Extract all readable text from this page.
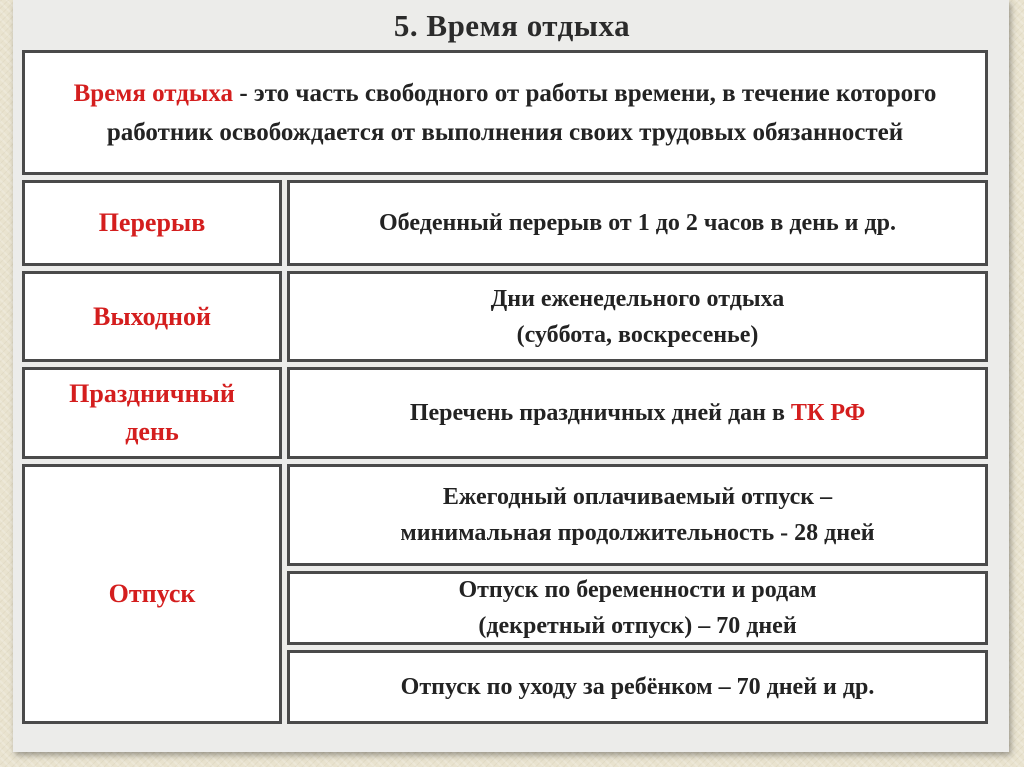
5. Время отдыха
Время отдыха - это часть свободного от работы времени, в течение которого работник освобождается от выполнения своих трудовых обязанностей
Перерыв	Обеденный перерыв от 1 до 2 часов в день и др.
Выходной
Дни еженедельного отдыха
(суббота, воскресенье)
Праздничный
день
Перечень праздничных дней дан в ТК РФ
Отпуск
Ежегодный оплачиваемый отпуск –
минимальная продолжительность - 28 дней
Отпуск по беременности и родам
(декретный отпуск) – 70 дней
Отпуск по уходу за ребёнком – 70 дней и др.
